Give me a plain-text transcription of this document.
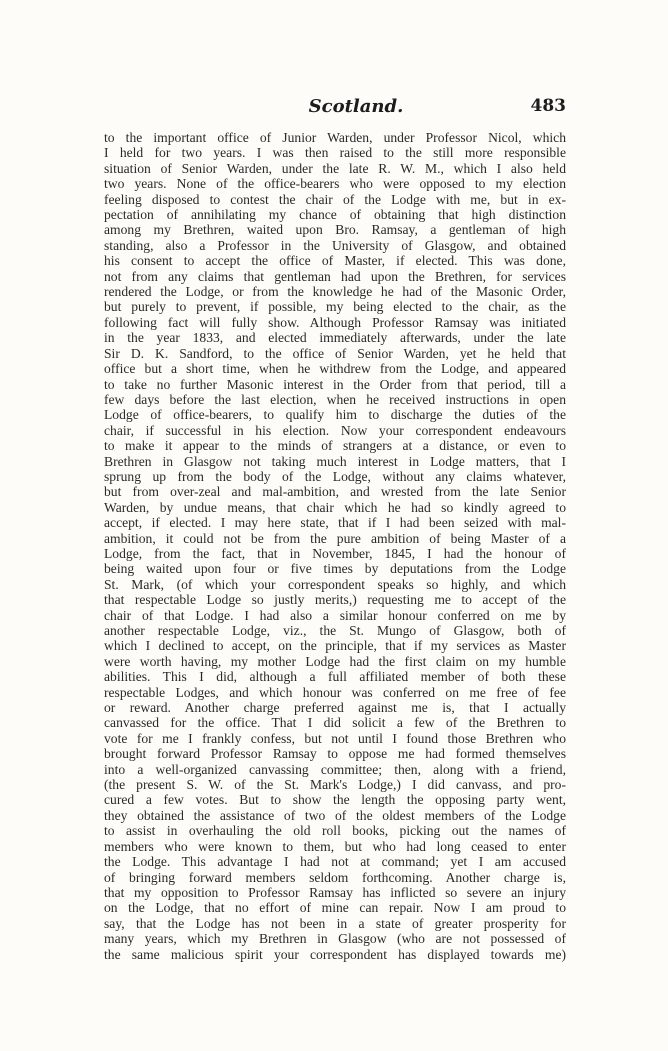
Scotland.	483
to the important office of Junior Warden, under Professor Nicol, which
I held for two years. I was then raised to the still more responsible
situation of Senior Warden, under the late R. W. M., which I also held
two years. None of the office-bearers who were opposed to my election
feeling disposed to contest the chair of the Lodge with me, but in ex-
pectation of annihilating my chance of obtaining that high distinction
among my Brethren, waited upon Bro. Ramsay, a gentleman of high
standing, also a Professor in the University of Glasgow, and obtained
his consent to accept the office of Master, if elected. This was done,
not from any claims that gentleman had upon the Brethren, for services
rendered the Lodge, or from the knowledge he had of the Masonic Order,
but purely to prevent, if possible, my being elected to the chair, as the
following fact will fully show. Although Professor Ramsay was initiated
in the year 1833, and elected immediately afterwards, under the late
Sir D. K. Sandford, to the office of Senior Warden, yet he held that
office but a short time, when he withdrew from the Lodge, and appeared
to take no further Masonic interest in the Order from that period, till a
few days before the last election, when he received instructions in open
Lodge of office-bearers, to qualify him to discharge the duties of the
chair, if successful in his election. Now your correspondent endeavours
to make it appear to the minds of strangers at a distance, or even to
Brethren in Glasgow not taking much interest in Lodge matters, that I
sprung up from the body of the Lodge, without any claims whatever,
but from over-zeal and mal-ambition, and wrested from the late Senior
Warden, by undue means, that chair which he had so kindly agreed to
accept, if elected. I may here state, that if I had been seized with mal-
ambition, it could not be from the pure ambition of being Master of a
Lodge, from the fact, that in November, 1845, I had the honour of
being waited upon four or five times by deputations from the Lodge
St. Mark, (of which your correspondent speaks so highly, and which
that respectable Lodge so justly merits,) requesting me to accept of the
chair of that Lodge. I had also a similar honour conferred on me by
another respectable Lodge, viz., the St. Mungo of Glasgow, both of
which I declined to accept, on the principle, that if my services as Master
were worth having, my mother Lodge had the first claim on my humble
abilities. This I did, although a full affiliated member of both these
respectable Lodges, and which honour was conferred on me free of fee
or reward. Another charge preferred against me is, that I actually
canvassed for the office. That I did solicit a few of the Brethren to
vote for me I frankly confess, but not until I found those Brethren who
brought forward Professor Ramsay to oppose me had formed themselves
into a well-organized canvassing committee; then, along with a friend,
(the present S. W. of the St. Mark's Lodge,) I did canvass, and pro-
cured a few votes. But to show the length the opposing party went,
they obtained the assistance of two of the oldest members of the Lodge
to assist in overhauling the old roll books, picking out the names of
members who were known to them, but who had long ceased to enter
the Lodge. This advantage I had not at command; yet I am accused
of bringing forward members seldom forthcoming. Another charge is,
that my opposition to Professor Ramsay has inflicted so severe an injury
on the Lodge, that no effort of mine can repair. Now I am proud to
say, that the Lodge has not been in a state of greater prosperity for
many years, which my Brethren in Glasgow (who are not possessed of
the same malicious spirit your correspondent has displayed towards me)
